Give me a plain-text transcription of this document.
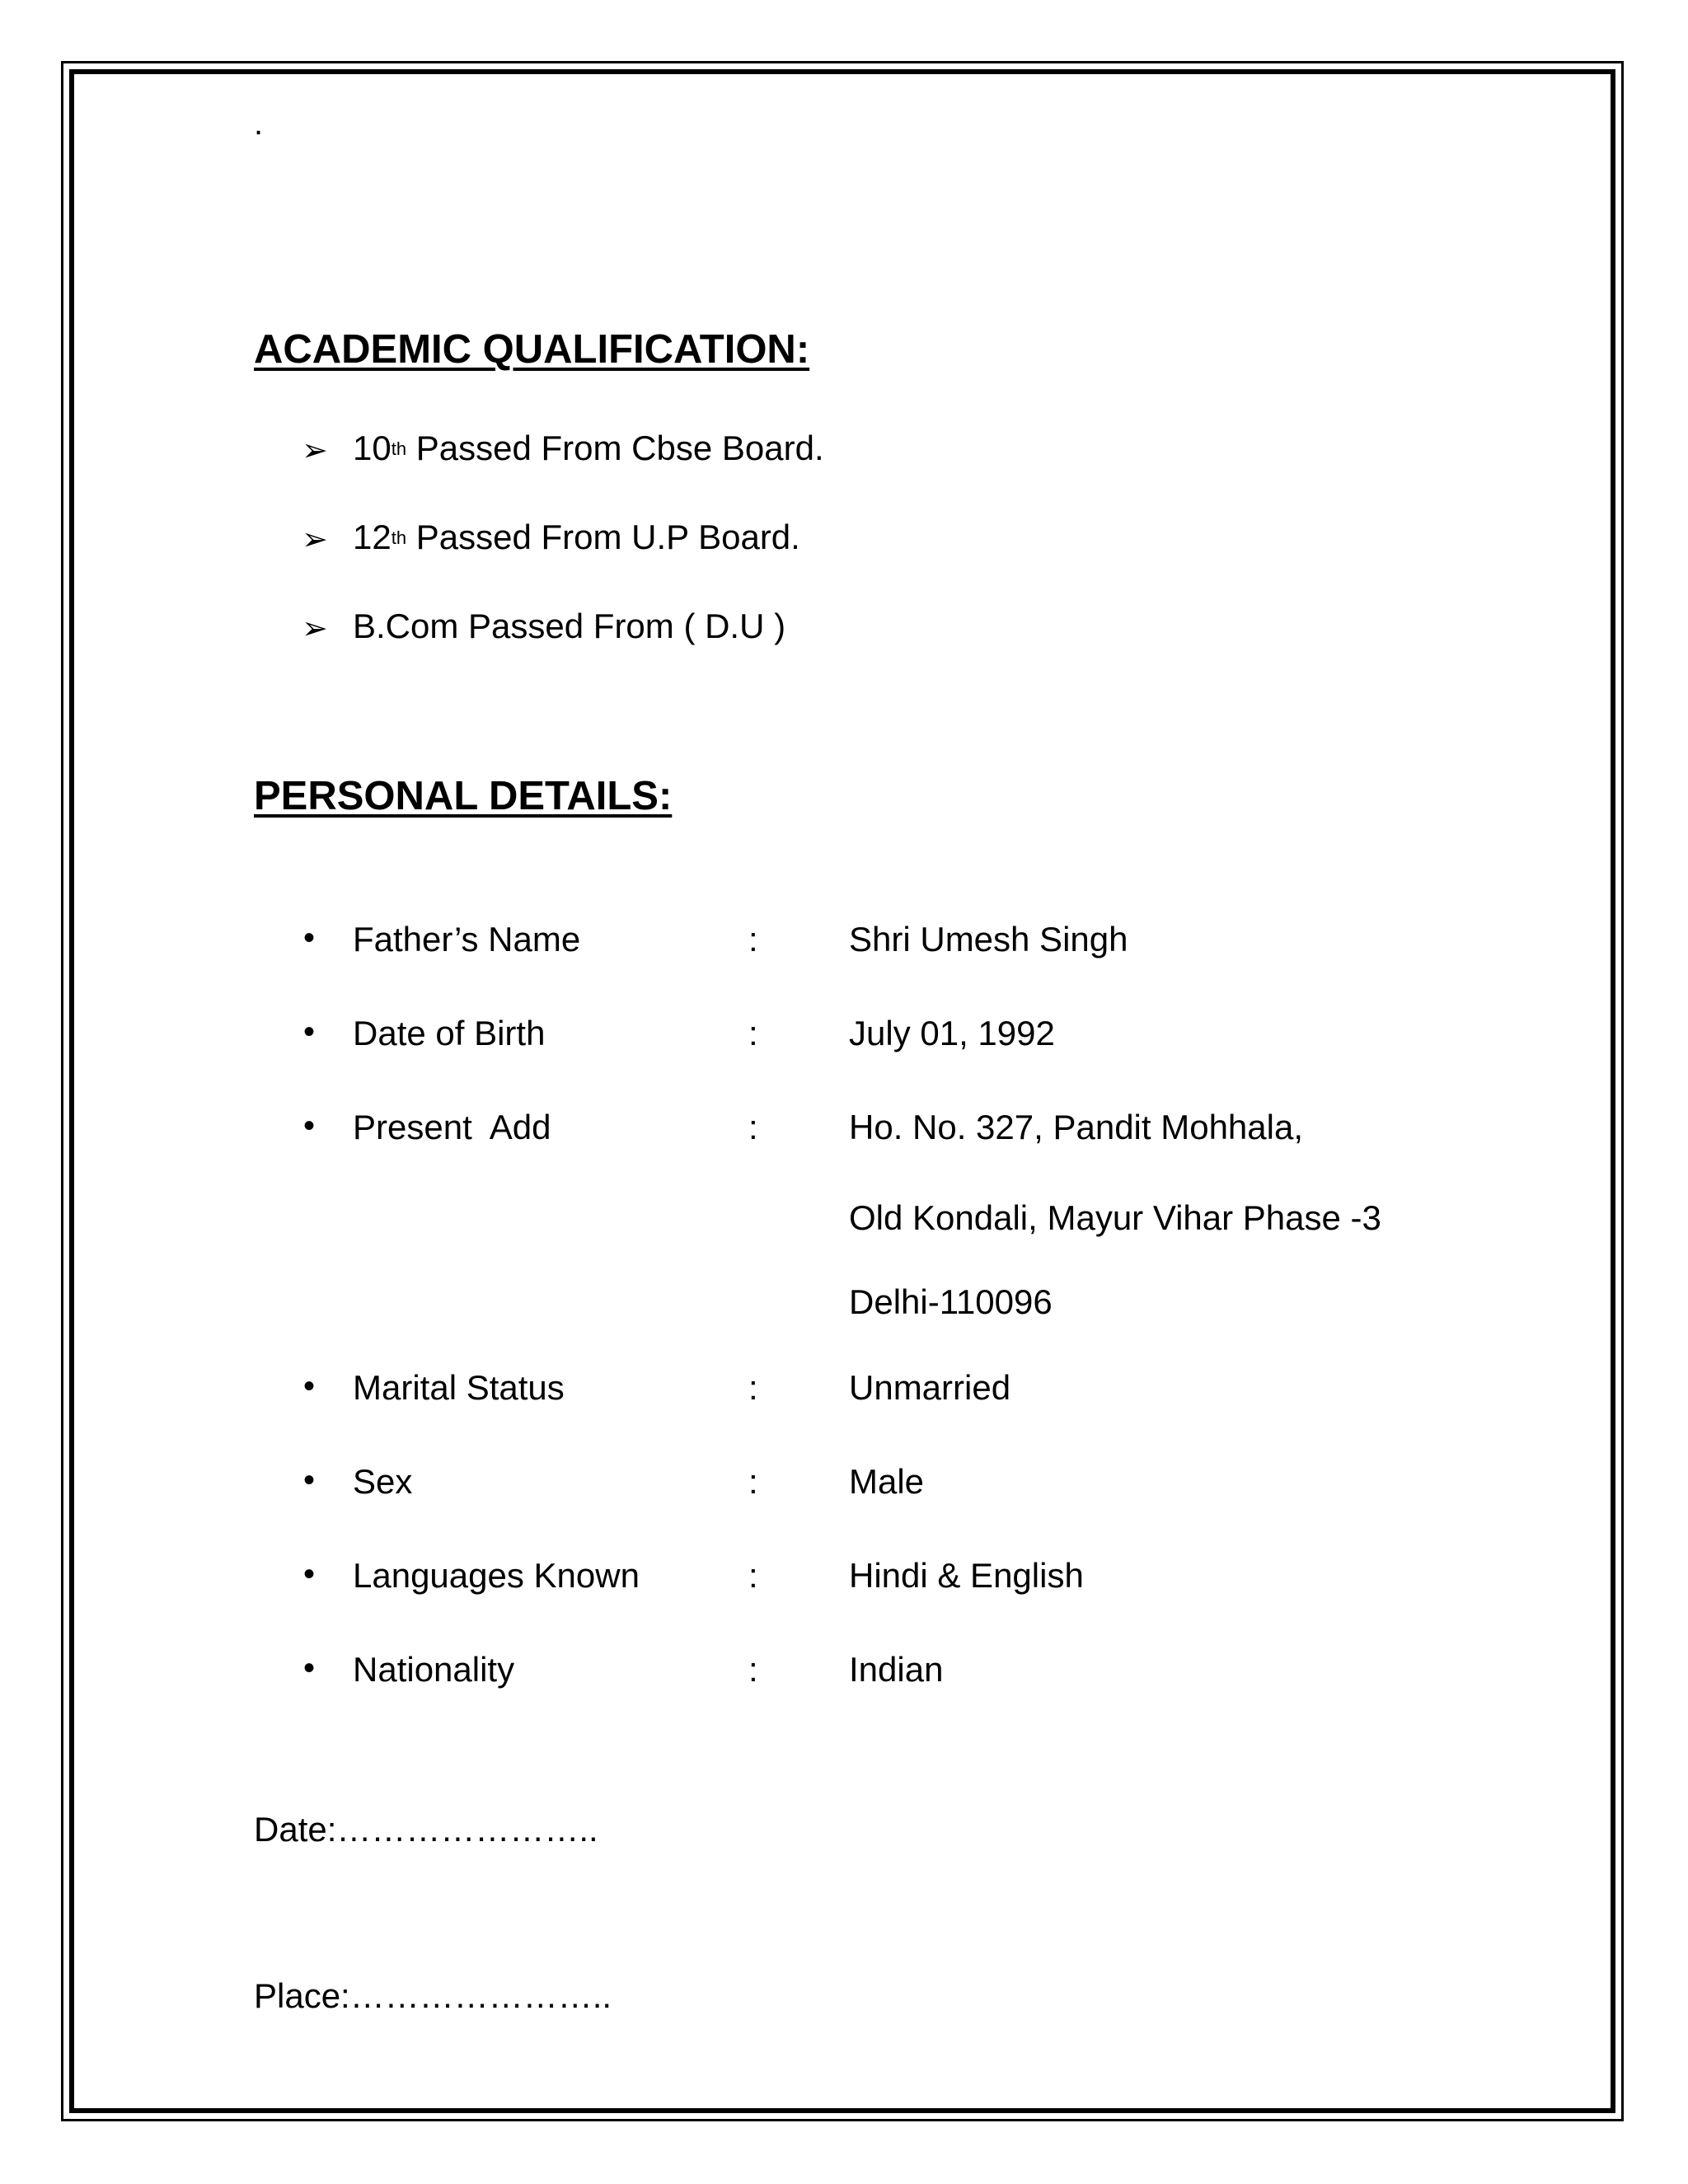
.
ACADEMIC QUALIFICATION:
➢ 10th Passed From Cbse Board.
➢ 12th Passed From U.P Board.
➢ B.Com Passed From ( D.U )
PERSONAL DETAILS:
• Father’s Name	:	Shri Umesh Singh
• Date of Birth	:	July 01, 1992
• Present  Add	:	Ho. No. 327, Pandit Mohhala,
Old Kondali, Mayur Vihar Phase -3
Delhi-110096
• Marital Status	:	Unmarried
• Sex	:	Male
• Languages Known	:	Hindi & English
• Nationality	:	Indian
Date:…………………..
Place:…………………..
